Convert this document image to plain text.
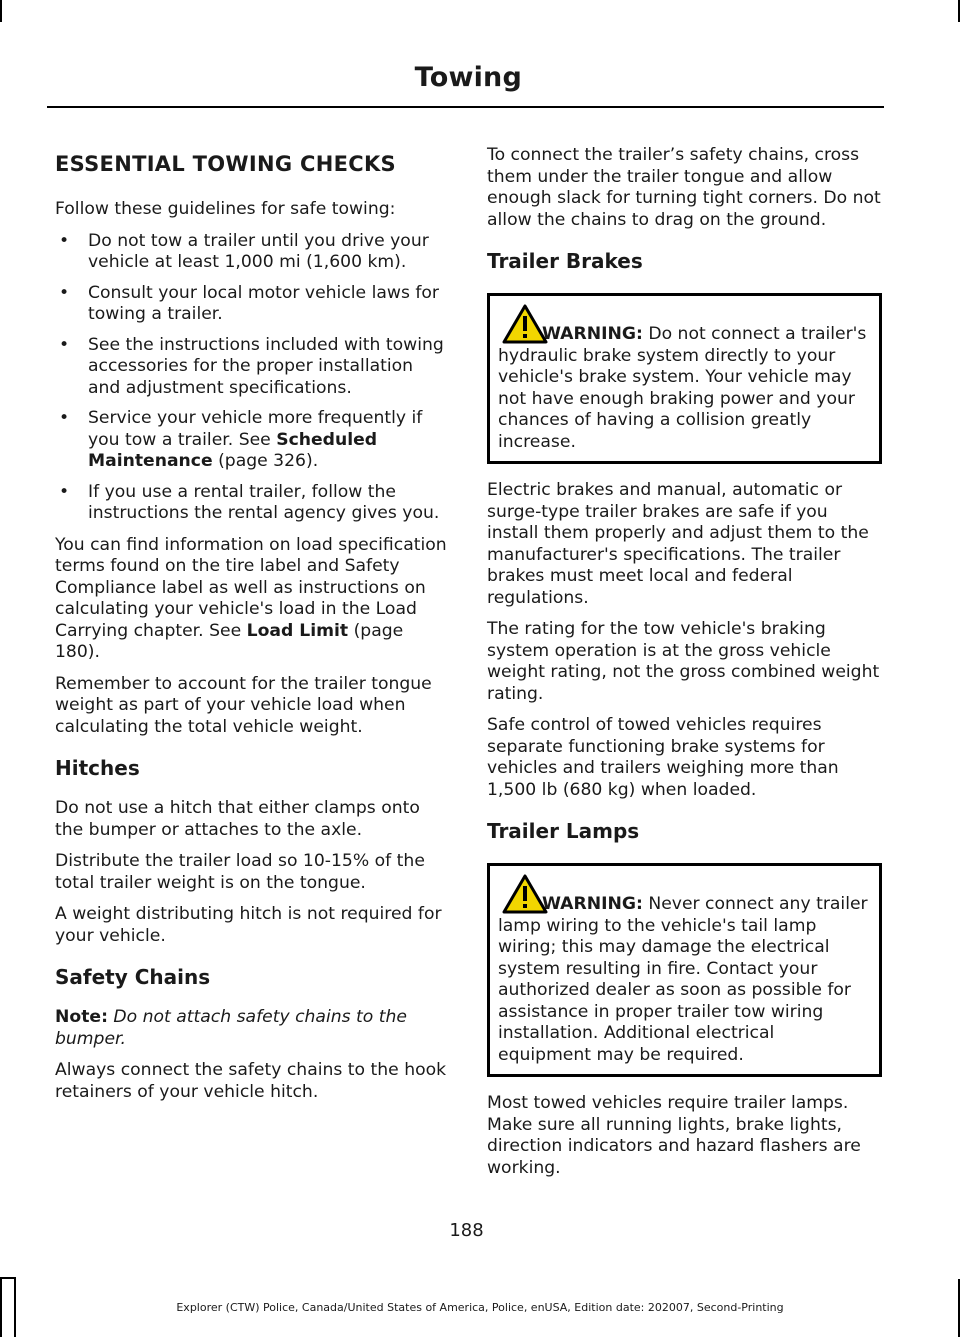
Towing
ESSENTIAL TOWING CHECKS

Follow these guidelines for safe towing:

• Do not tow a trailer until you drive your vehicle at least 1,000 mi (1,600 km).
• Consult your local motor vehicle laws for towing a trailer.
• See the instructions included with towing accessories for the proper installation and adjustment specifications.
• Service your vehicle more frequently if you tow a trailer. See Scheduled Maintenance (page 326).
• If you use a rental trailer, follow the instructions the rental agency gives you.

You can find information on load specification terms found on the tire label and Safety Compliance label as well as instructions on calculating your vehicle's load in the Load Carrying chapter. See Load Limit (page 180).

Remember to account for the trailer tongue weight as part of your vehicle load when calculating the total vehicle weight.

Hitches

Do not use a hitch that either clamps onto the bumper or attaches to the axle.

Distribute the trailer load so 10-15% of the total trailer weight is on the tongue.

A weight distributing hitch is not required for your vehicle.

Safety Chains

Note: Do not attach safety chains to the bumper.

Always connect the safety chains to the hook retainers of your vehicle hitch.

To connect the trailer’s safety chains, cross them under the trailer tongue and allow enough slack for turning tight corners. Do not allow the chains to drag on the ground.

Trailer Brakes
WARNING: Do not connect a trailer's hydraulic brake system directly to your vehicle's brake system. Your vehicle may not have enough braking power and your chances of having a collision greatly increase.

Electric brakes and manual, automatic or surge-type trailer brakes are safe if you install them properly and adjust them to the manufacturer's specifications. The trailer brakes must meet local and federal regulations.

The rating for the tow vehicle's braking system operation is at the gross vehicle weight rating, not the gross combined weight rating.

Safe control of towed vehicles requires separate functioning brake systems for vehicles and trailers weighing more than 1,500 lb (680 kg) when loaded.

Trailer Lamps
WARNING: Never connect any trailer lamp wiring to the vehicle's tail lamp wiring; this may damage the electrical system resulting in fire. Contact your authorized dealer as soon as possible for assistance in proper trailer tow wiring installation. Additional electrical equipment may be required.

Most towed vehicles require trailer lamps. Make sure all running lights, brake lights, direction indicators and hazard flashers are working.

188
Explorer (CTW) Police, Canada/United States of America, Police, enUSA, Edition date: 202007, Second-Printing
